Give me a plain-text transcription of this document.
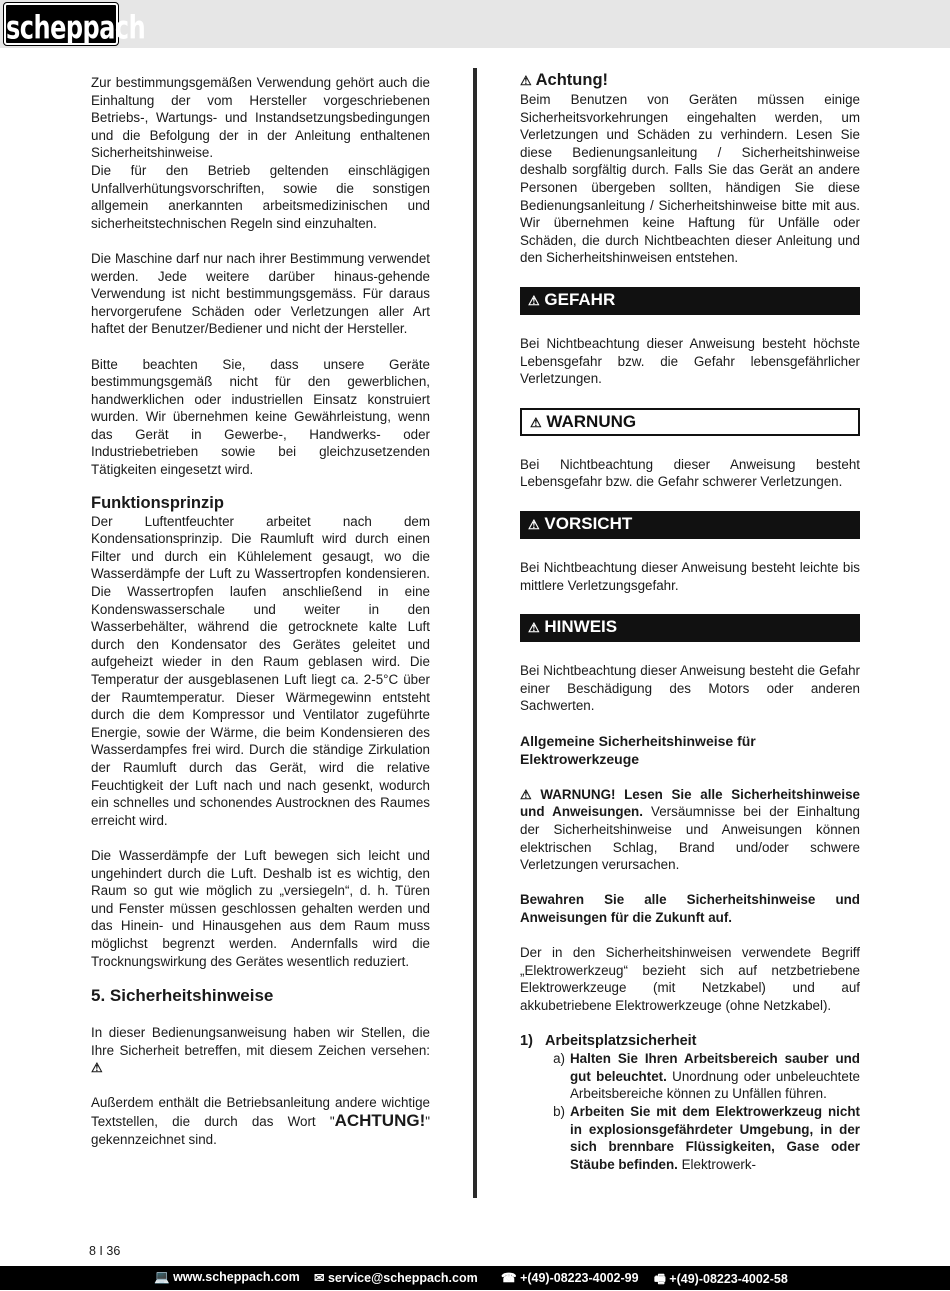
scheppach

Zur bestimmungsgemäßen Verwendung gehört auch die Einhaltung der vom Hersteller vorgeschriebenen Betriebs-, Wartungs- und Instandsetzungsbedingungen und die Befolgung der in der Anleitung enthaltenen Sicherheitshinweise.

Die für den Betrieb geltenden einschlägigen Unfallverhütungsvorschriften, sowie die sonstigen allgemein anerkannten arbeitsmedizinischen und sicherheitstechnischen Regeln sind einzuhalten.

Die Maschine darf nur nach ihrer Bestimmung verwendet werden. Jede weitere darüber hinaus-gehende Verwendung ist nicht bestimmungsgemäss. Für daraus hervorgerufene Schäden oder Verletzungen aller Art haftet der Benutzer/Bediener und nicht der Hersteller.

Bitte beachten Sie, dass unsere Geräte bestimmungsgemäß nicht für den gewerblichen, handwerklichen oder industriellen Einsatz konstruiert wurden. Wir übernehmen keine Gewährleistung, wenn das Gerät in Gewerbe-, Handwerks- oder Industriebetrieben sowie bei gleichzusetzenden Tätigkeiten eingesetzt wird.

Funktionsprinzip

Der Luftentfeuchter arbeitet nach dem Kondensationsprinzip. Die Raumluft wird durch einen Filter und durch ein Kühlelement gesaugt, wo die Wasserdämpfe der Luft zu Wassertropfen kondensieren. Die Wassertropfen laufen anschließend in eine Kondenswasserschale und weiter in den Wasserbehälter, während die getrocknete kalte Luft durch den Kondensator des Gerätes geleitet und aufgeheizt wieder in den Raum geblasen wird. Die Temperatur der ausgeblasenen Luft liegt ca. 2-5°C über der Raumtemperatur. Dieser Wärmegewinn entsteht durch die dem Kompressor und Ventilator zugeführte Energie, sowie der Wärme, die beim Kondensieren des Wasserdampfes frei wird. Durch die ständige Zirkulation der Raumluft durch das Gerät, wird die relative Feuchtigkeit der Luft nach und nach gesenkt, wodurch ein schnelles und schonendes Austrocknen des Raumes erreicht wird.

Die Wasserdämpfe der Luft bewegen sich leicht und ungehindert durch die Luft. Deshalb ist es wichtig, den Raum so gut wie möglich zu „versiegeln“, d. h. Türen und Fenster müssen geschlossen gehalten werden und das Hinein- und Hinausgehen aus dem Raum muss möglichst begrenzt werden. Andernfalls wird die Trocknungswirkung des Gerätes wesentlich reduziert.

5. Sicherheitshinweise

In dieser Bedienungsanweisung haben wir Stellen, die Ihre Sicherheit betreffen, mit diesem Zeichen versehen: ⚠

Außerdem enthält die Betriebsanleitung andere wichtige Textstellen, die durch das Wort "ACHTUNG!" gekennzeichnet sind.

⚠ Achtung!

Beim Benutzen von Geräten müssen einige Sicherheitsvorkehrungen eingehalten werden, um Verletzungen und Schäden zu verhindern. Lesen Sie diese Bedienungsanleitung / Sicherheitshinweise deshalb sorgfältig durch. Falls Sie das Gerät an andere Personen übergeben sollten, händigen Sie diese Bedienungsanleitung / Sicherheitshinweise bitte mit aus. Wir übernehmen keine Haftung für Unfälle oder Schäden, die durch Nichtbeachten dieser Anleitung und den Sicherheitshinweisen entstehen.

⚠ GEFAHR

Bei Nichtbeachtung dieser Anweisung besteht höchste Lebensgefahr bzw. die Gefahr lebensgefährlicher Verletzungen.

⚠ WARNUNG

Bei Nichtbeachtung dieser Anweisung besteht Lebensgefahr bzw. die Gefahr schwerer Verletzungen.

⚠ VORSICHT

Bei Nichtbeachtung dieser Anweisung besteht leichte bis mittlere Verletzungsgefahr.

⚠ HINWEIS

Bei Nichtbeachtung dieser Anweisung besteht die Gefahr einer Beschädigung des Motors oder anderen Sachwerten.

Allgemeine Sicherheitshinweise für Elektrowerkzeuge

⚠ WARNUNG! Lesen Sie alle Sicherheitshinweise und Anweisungen. Versäumnisse bei der Einhaltung der Sicherheitshinweise und Anweisungen können elektrischen Schlag, Brand und/oder schwere Verletzungen verursachen.

Bewahren Sie alle Sicherheitshinweise und Anweisungen für die Zukunft auf.

Der in den Sicherheitshinweisen verwendete Begriff „Elektrowerkzeug“ bezieht sich auf netzbetriebene Elektrowerkzeuge (mit Netzkabel) und auf akkubetriebene Elektrowerkzeuge (ohne Netzkabel).

1) Arbeitsplatzsicherheit
a) Halten Sie Ihren Arbeitsbereich sauber und gut beleuchtet. Unordnung oder unbeleuchtete Arbeitsbereiche können zu Unfällen führen.
b) Arbeiten Sie mit dem Elektrowerkzeug nicht in explosionsgefährdeter Umgebung, in der sich brennbare Flüssigkeiten, Gase oder Stäube befinden. Elektrowerk-
8 I 36
💻 www.scheppach.com ✉ service@scheppach.com ☎ +(49)-08223-4002-99 🖷 +(49)-08223-4002-58
